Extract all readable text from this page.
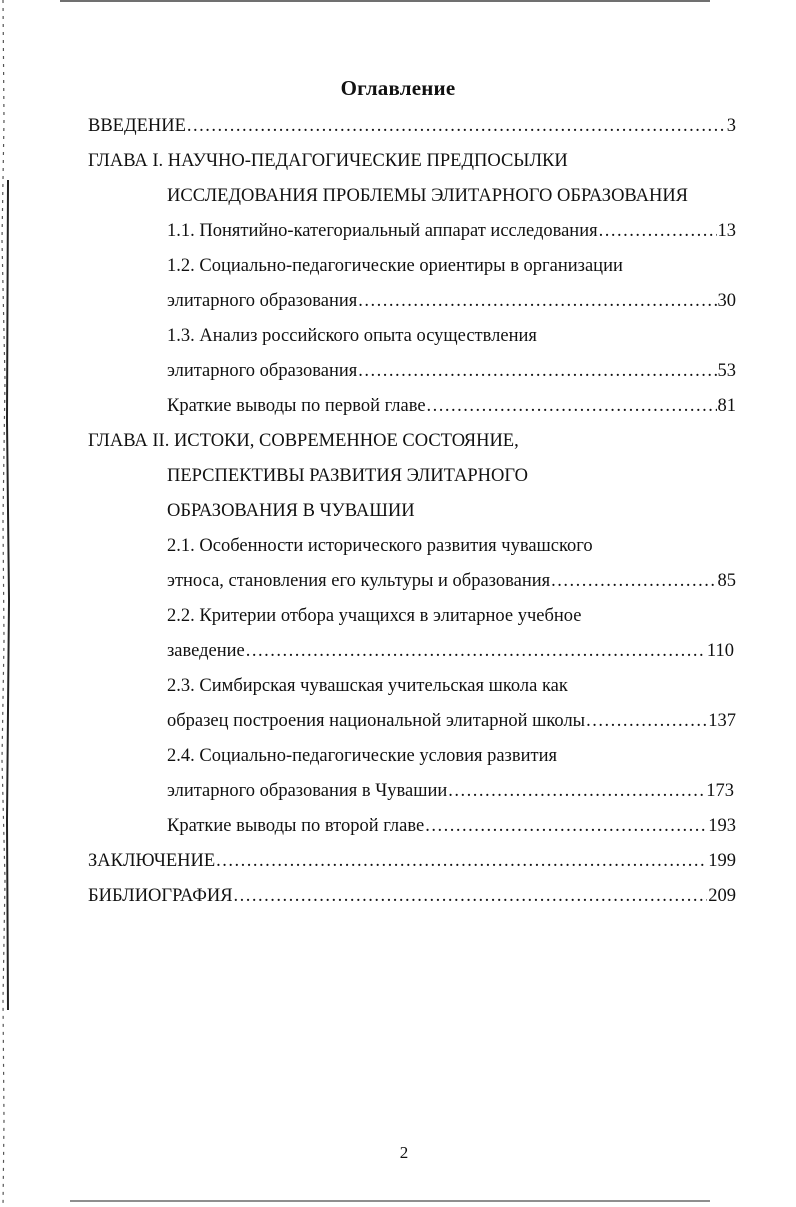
Оглавление
ВВЕДЕНИЕ .....	3
ГЛАВА I. НАУЧНО-ПЕДАГОГИЧЕСКИЕ ПРЕДПОСЫЛКИ
ИССЛЕДОВАНИЯ ПРОБЛЕМЫ ЭЛИТАРНОГО ОБРАЗОВАНИЯ
1.1. Понятийно-категориальный аппарат исследования .....	13
1.2. Социально-педагогические ориентиры в организации
элитарного образования .....	30
1.3. Анализ российского опыта осуществления
элитарного образования .....	53
Краткие выводы по первой главе .....	81
ГЛАВА II. ИСТОКИ, СОВРЕМЕННОЕ СОСТОЯНИЕ,
ПЕРСПЕКТИВЫ РАЗВИТИЯ ЭЛИТАРНОГО
ОБРАЗОВАНИЯ В ЧУВАШИИ
2.1. Особенности исторического развития чувашского
этноса, становления его культуры и образования .....	85
2.2. Критерии отбора учащихся в элитарное учебное
заведение .....	110
2.3. Симбирская чувашская учительская школа как
образец построения национальной элитарной школы .....	137
2.4. Социально-педагогические условия развития
элитарного образования в Чувашии .....	173
Краткие выводы по второй главе .....	193
ЗАКЛЮЧЕНИЕ .....	199
БИБЛИОГРАФИЯ .....	209
2
